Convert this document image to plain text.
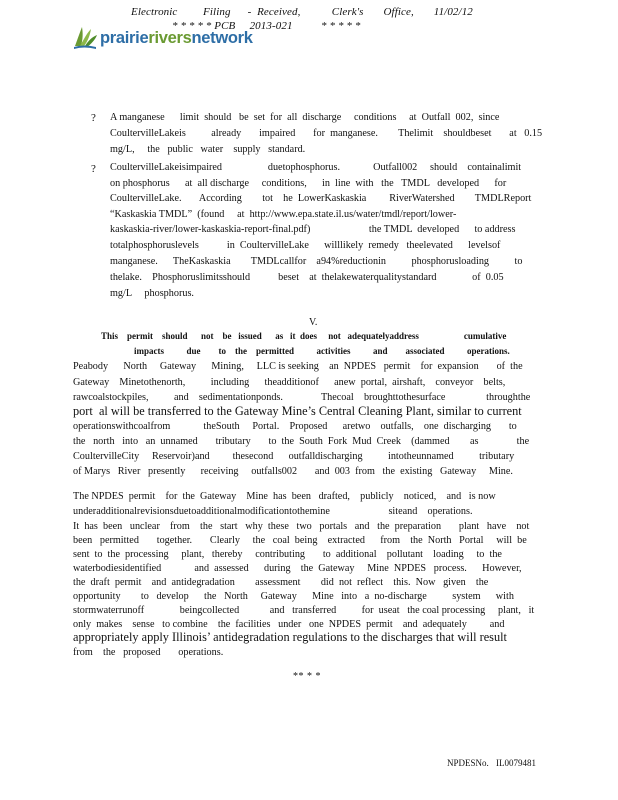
Electronic         Filing      -  Received,           Clerk's       Office,       11/02/12
* * * * * PCB     2013-021          * * * * *
prairieriversnetwork
? A manganese      limit  should   be  set  for  all  discharge     conditions     at  Outfall  002,  since
CoultervilleLakeis          already       impaired       for  manganese.        Thelimit    shouldbeset       at   0.15
mg/L,     the   public   water    supply   standard.
? CoultervilleLakeisimpaired                  duetophosphorus.             Outfall002     should    containalimit
on phosphorus      at  all discharge     conditions,      in  line  with   the   TMDL   developed      for
CoultervilleLake.       According        tot    he  LowerKaskaskia         RiverWatershed        TMDLReport
“Kaskaskia TMDL”  (found     at  http://www.epa.state.il.us/water/tmdl/report/lower-
kaskaskia-river/lower-kaskaskia-report-final.pdf)                       the TMDL  developed      to address
totalphosphoruslevels           in  CoultervilleLake      willlikely  remedy   theelevated      levelsof
manganese.      TheKaskaskia        TMDLcallfor    a94%reductionin          phosphorusloading          to
thelake.    Phosphoruslimitsshould           beset    at  thelakewaterqualitystandard              of  0.05
mg/L     phosphorus.
V.
This    permit    should      not    be   issued      as   it  does     not   adequatelyaddress                    cumulative
impacts          due        to    the    permitted          activities          and        associated          operations.
Peabody      North     Gateway      Mining,     LLC is seeking    an  NPDES   permit    for  expansion       of  the
Gateway    Minetothenorth,          including      theadditionof      anew  portal,  airshaft,    conveyor    belts,
rawcoalstockpiles,          and    sedimentationponds.               Thecoal    broughttothesurface                throughthe
port  al will be transferred to the Gateway Mine’s Central Cleaning Plant, similar to current
operationswithcoalfrom             theSouth     Portal.    Proposed      aretwo    outfalls,    one  discharging       to
the   north   into   an  unnamed       tributary       to  the  South  Fork  Mud  Creek    (dammed        as               the
CoultervilleCity     Reservoir)and         thesecond      outfalldischarging          intotheunnamed          tributary
of Marys   River   presently      receiving     outfalls002       and  003  from   the  existing   Gateway     Mine.
The NPDES  permit    for  the  Gateway    Mine  has  been   drafted,    publicly    noticed,    and   is now
underadditionalrevisionsduetoadditionalmodificationtothemine                       siteand    operations.
It  has  been   unclear    from    the   start   why  these   two   portals   and   the  preparation       plant   have    not
been   permitted       together.       Clearly     the   coal  being    extracted      from    the  North   Portal     will  be
sent  to  the  processing     plant,   thereby     contributing       to  additional    pollutant    loading     to  the
waterbodiesidentified             and  assessed      during    the  Gateway     Mine  NPDES   process.      However,
the  draft  permit    and  antidegradation        assessment        did  not  reflect    this.  Now   given    the
opportunity        to   develop      the   North     Gateway      Mine   into   a  no-discharge          system      with
stormwaterrunoff              beingcollected            and   transferred          for  useat   the coal processing     plant,   it
only  makes    sense   to combine    the  facilities   under   one  NPDES  permit    and  adequately         and
appropriately apply Illinois’ antidegradation regulations to the discharges that will result
from    the   proposed       operations.
** * *
NPDESNo. IL0079481
